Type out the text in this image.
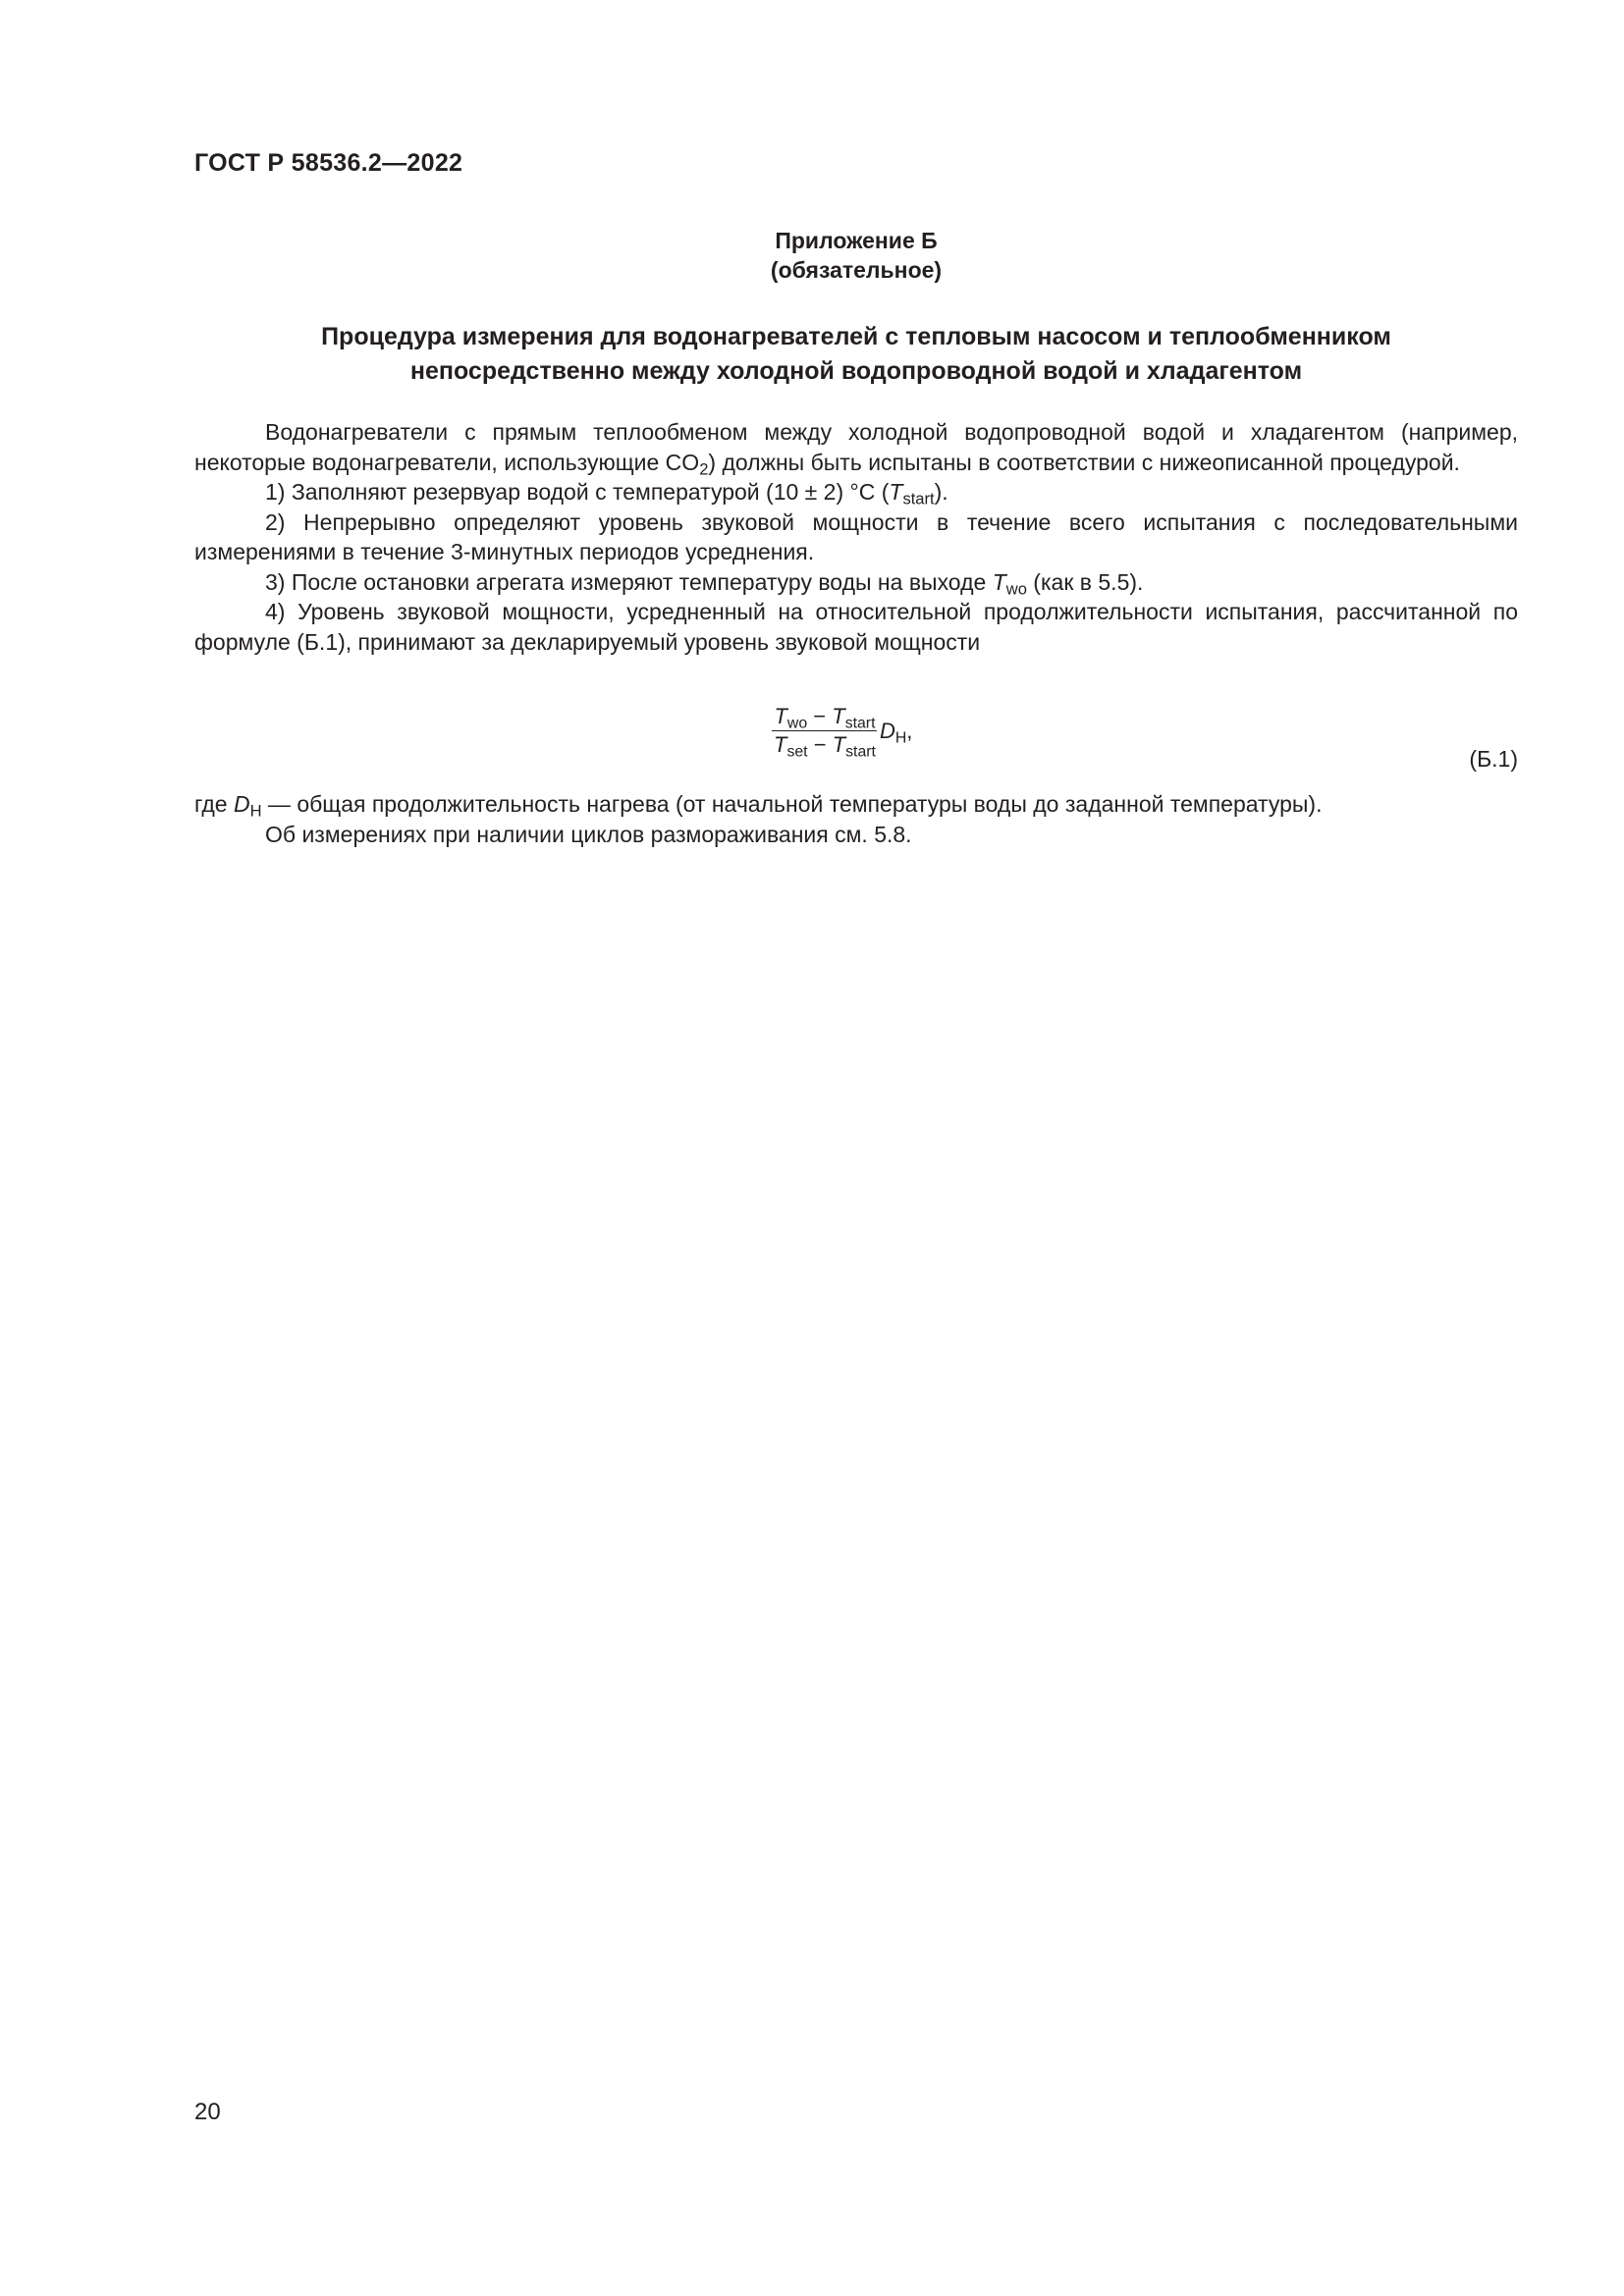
ГОСТ Р 58536.2—2022
Приложение Б
(обязательное)
Процедура измерения для водонагревателей с тепловым насосом и теплообменником
непосредственно между холодной водопроводной водой и хладагентом

Водонагреватели с прямым теплообменом между холодной водопроводной водой и хладагентом (например, некоторые водонагреватели, использующие $CO_2$) должны быть испытаны в соответствии с нижеописанной процедурой.

1) Заполняют резервуар водой с температурой (10 ± 2) °C $(T_{start})$.

2) Непрерывно определяют уровень звуковой мощности в течение всего испытания с последовательными измерениями в течение 3-минутных периодов усреднения.

3) После остановки агрегата измеряют температуру воды на выходе $T_{wo}$ (как в 5.5).

4) Уровень звуковой мощности, усредненный на относительной продолжительности испытания, рассчитанной по формуле (Б.1), принимают за декларируемый уровень звуковой мощности

$\frac{T_{wo} - T_{start}}{T_{set} - T_{start}} D_H$,
(Б.1)

где $D_H$ — общая продолжительность нагрева (от начальной температуры воды до заданной температуры).

Об измерениях при наличии циклов размораживания см. 5.8.

20
